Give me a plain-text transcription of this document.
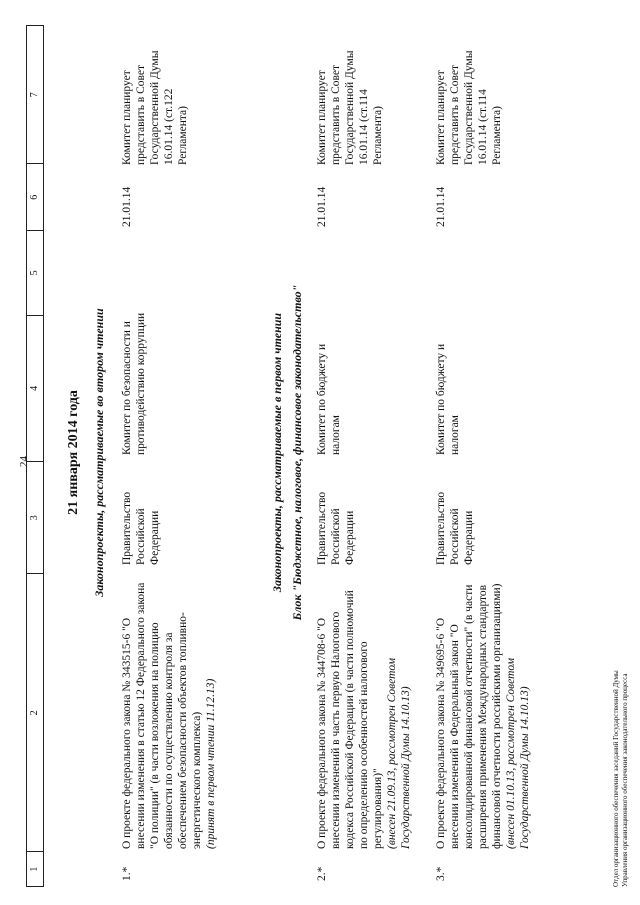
24
1
2
3
4
5
6
7
21 января 2014 года Законопроекты, рассматриваемые во втором чтении
1.*
О проекте федерального закона № 343515-6 "О внесении изменения в статью 12 Федерального закона "О полиции" (в части возложения на полицию обязанности по осуществлению контроля за обеспечением безопасности объектов топливно-энергетического комплекса) (принят в первом чтении 11.12.13)
Правительство Российской Федерации
Комитет по безопасности и противодействию коррупции
21.01.14
Комитет планирует представить в Совет Государственной Думы 16.01.14 (ст.122 Регламента)
Законопроекты, рассматриваемые в первом чтении Блок "Бюджетное, налоговое, финансовое законодательство"
2.*
О проекте федерального закона № 344708-6 "О внесении изменений в часть первую Налогового кодекса Российской Федерации (в части полномочий по определению особенностей налогового регулирования)" (внесен 21.09.13, рассмотрен Советом Государственной Думы 14.10.13)
Правительство Российской Федерации
Комитет по бюджету и налогам
21.01.14
Комитет планирует представить в Совет Государственной Думы 16.01.14 (ст.114 Регламента)
3.*
О проекте федерального закона № 349695-6 "О внесении изменений в Федеральный закон "О консолидированной финансовой отчетности" (в части расширения применения Международных стандартов финансовой отчетности российскими организациями) (внесен 01.10.13, рассмотрен Советом Государственной Думы 14.10.13)
Правительство Российской Федерации
Комитет по бюджету и налогам
21.01.14
Комитет планирует представить в Совет Государственной Думы 16.01.14 (ст.114 Регламента)
Отдел организационного обеспечения заседаний Государственной Думы Управления организационного обеспечения законодательного процесса
